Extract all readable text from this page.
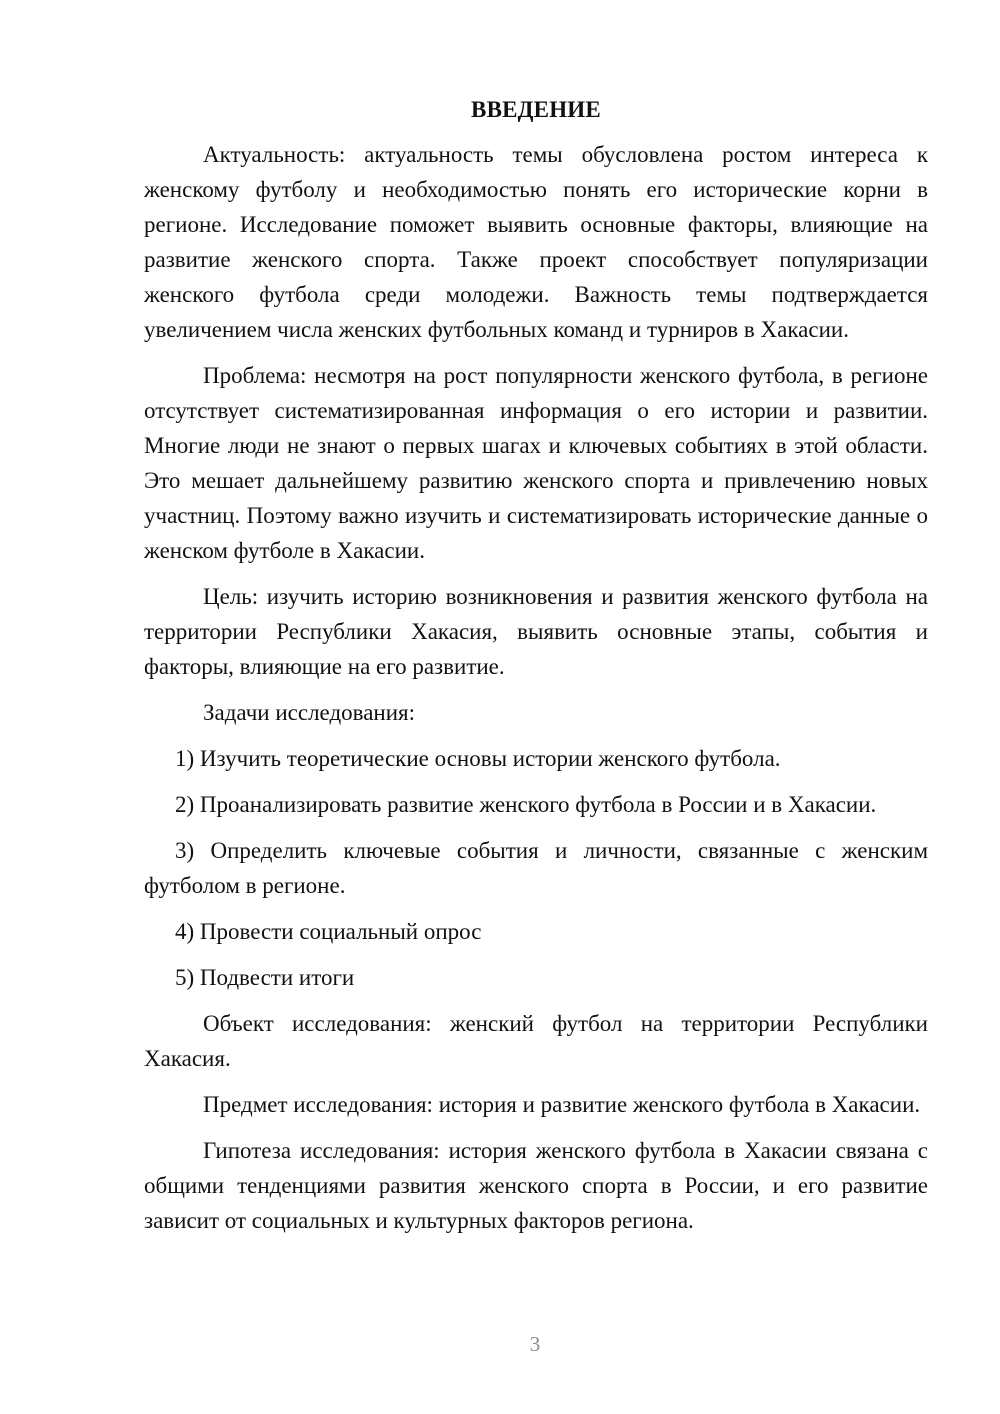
ВВЕДЕНИЕ

Актуальность: актуальность темы обусловлена ростом интереса к женскому футболу и необходимостью понять его исторические корни в регионе. Исследование поможет выявить основные факторы, влияющие на развитие женского спорта. Также проект способствует популяризации женского футбола среди молодежи. Важность темы подтверждается увеличением числа женских футбольных команд и турниров в Хакасии.

Проблема: несмотря на рост популярности женского футбола, в регионе отсутствует систематизированная информация о его истории и развитии. Многие люди не знают о первых шагах и ключевых событиях в этой области. Это мешает дальнейшему развитию женского спорта и привлечению новых участниц. Поэтому важно изучить и систематизировать исторические данные о женском футболе в Хакасии.

Цель: изучить историю возникновения и развития женского футбола на территории Республики Хакасия, выявить основные этапы, события и факторы, влияющие на его развитие.

Задачи исследования:

1) Изучить теоретические основы истории женского футбола.

2) Проанализировать развитие женского футбола в России и в Хакасии.

3) Определить ключевые события и личности, связанные с женским футболом в регионе.

4) Провести социальный опрос

5) Подвести итоги

Объект исследования: женский футбол на территории Республики Хакасия.

Предмет исследования: история и развитие женского футбола в Хакасии.

Гипотеза исследования: история женского футбола в Хакасии связана с общими тенденциями развития женского спорта в России, и его развитие зависит от социальных и культурных факторов региона.

3
